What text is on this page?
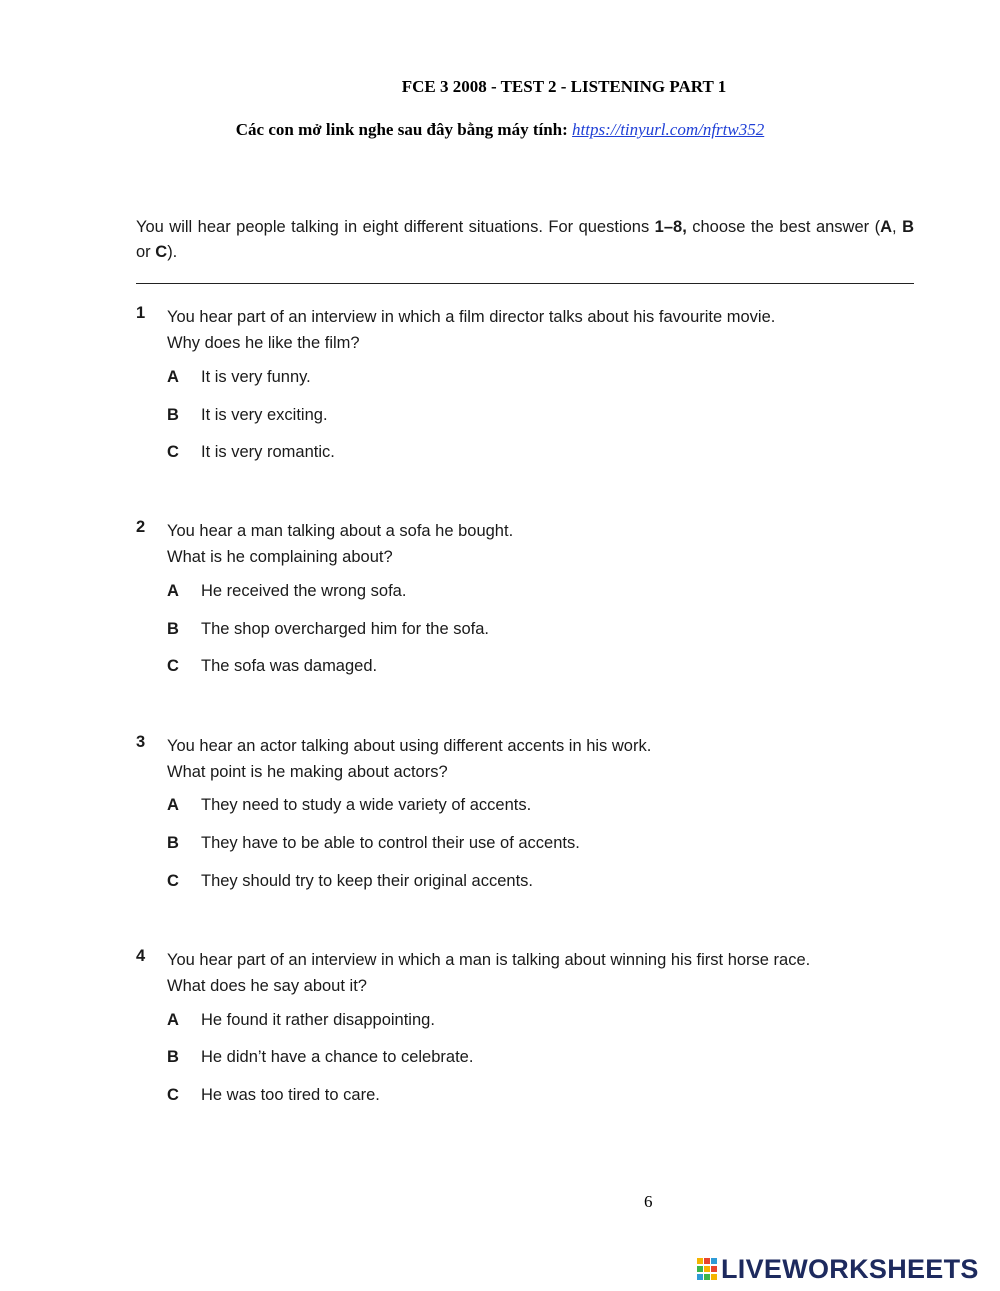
FCE 3 2008 - TEST 2 - LISTENING PART 1
Các con mở link nghe sau đây bằng máy tính: https://tinyurl.com/nfrtw352
You will hear people talking in eight different situations. For questions 1–8, choose the best answer (A, B or C).
1	You hear part of an interview in which a film director talks about his favourite movie.
Why does he like the film?
A It is very funny.
B It is very exciting.
C It is very romantic.
2	You hear a man talking about a sofa he bought.
What is he complaining about?
A He received the wrong sofa.
B The shop overcharged him for the sofa.
C The sofa was damaged.
3	You hear an actor talking about using different accents in his work.
What point is he making about actors?
A They need to study a wide variety of accents.
B They have to be able to control their use of accents.
C They should try to keep their original accents.
4	You hear part of an interview in which a man is talking about winning his first horse race.
What does he say about it?
A He found it rather disappointing.
B He didn’t have a chance to celebrate.
C He was too tired to care.
6
LIVEWORKSHEETS
